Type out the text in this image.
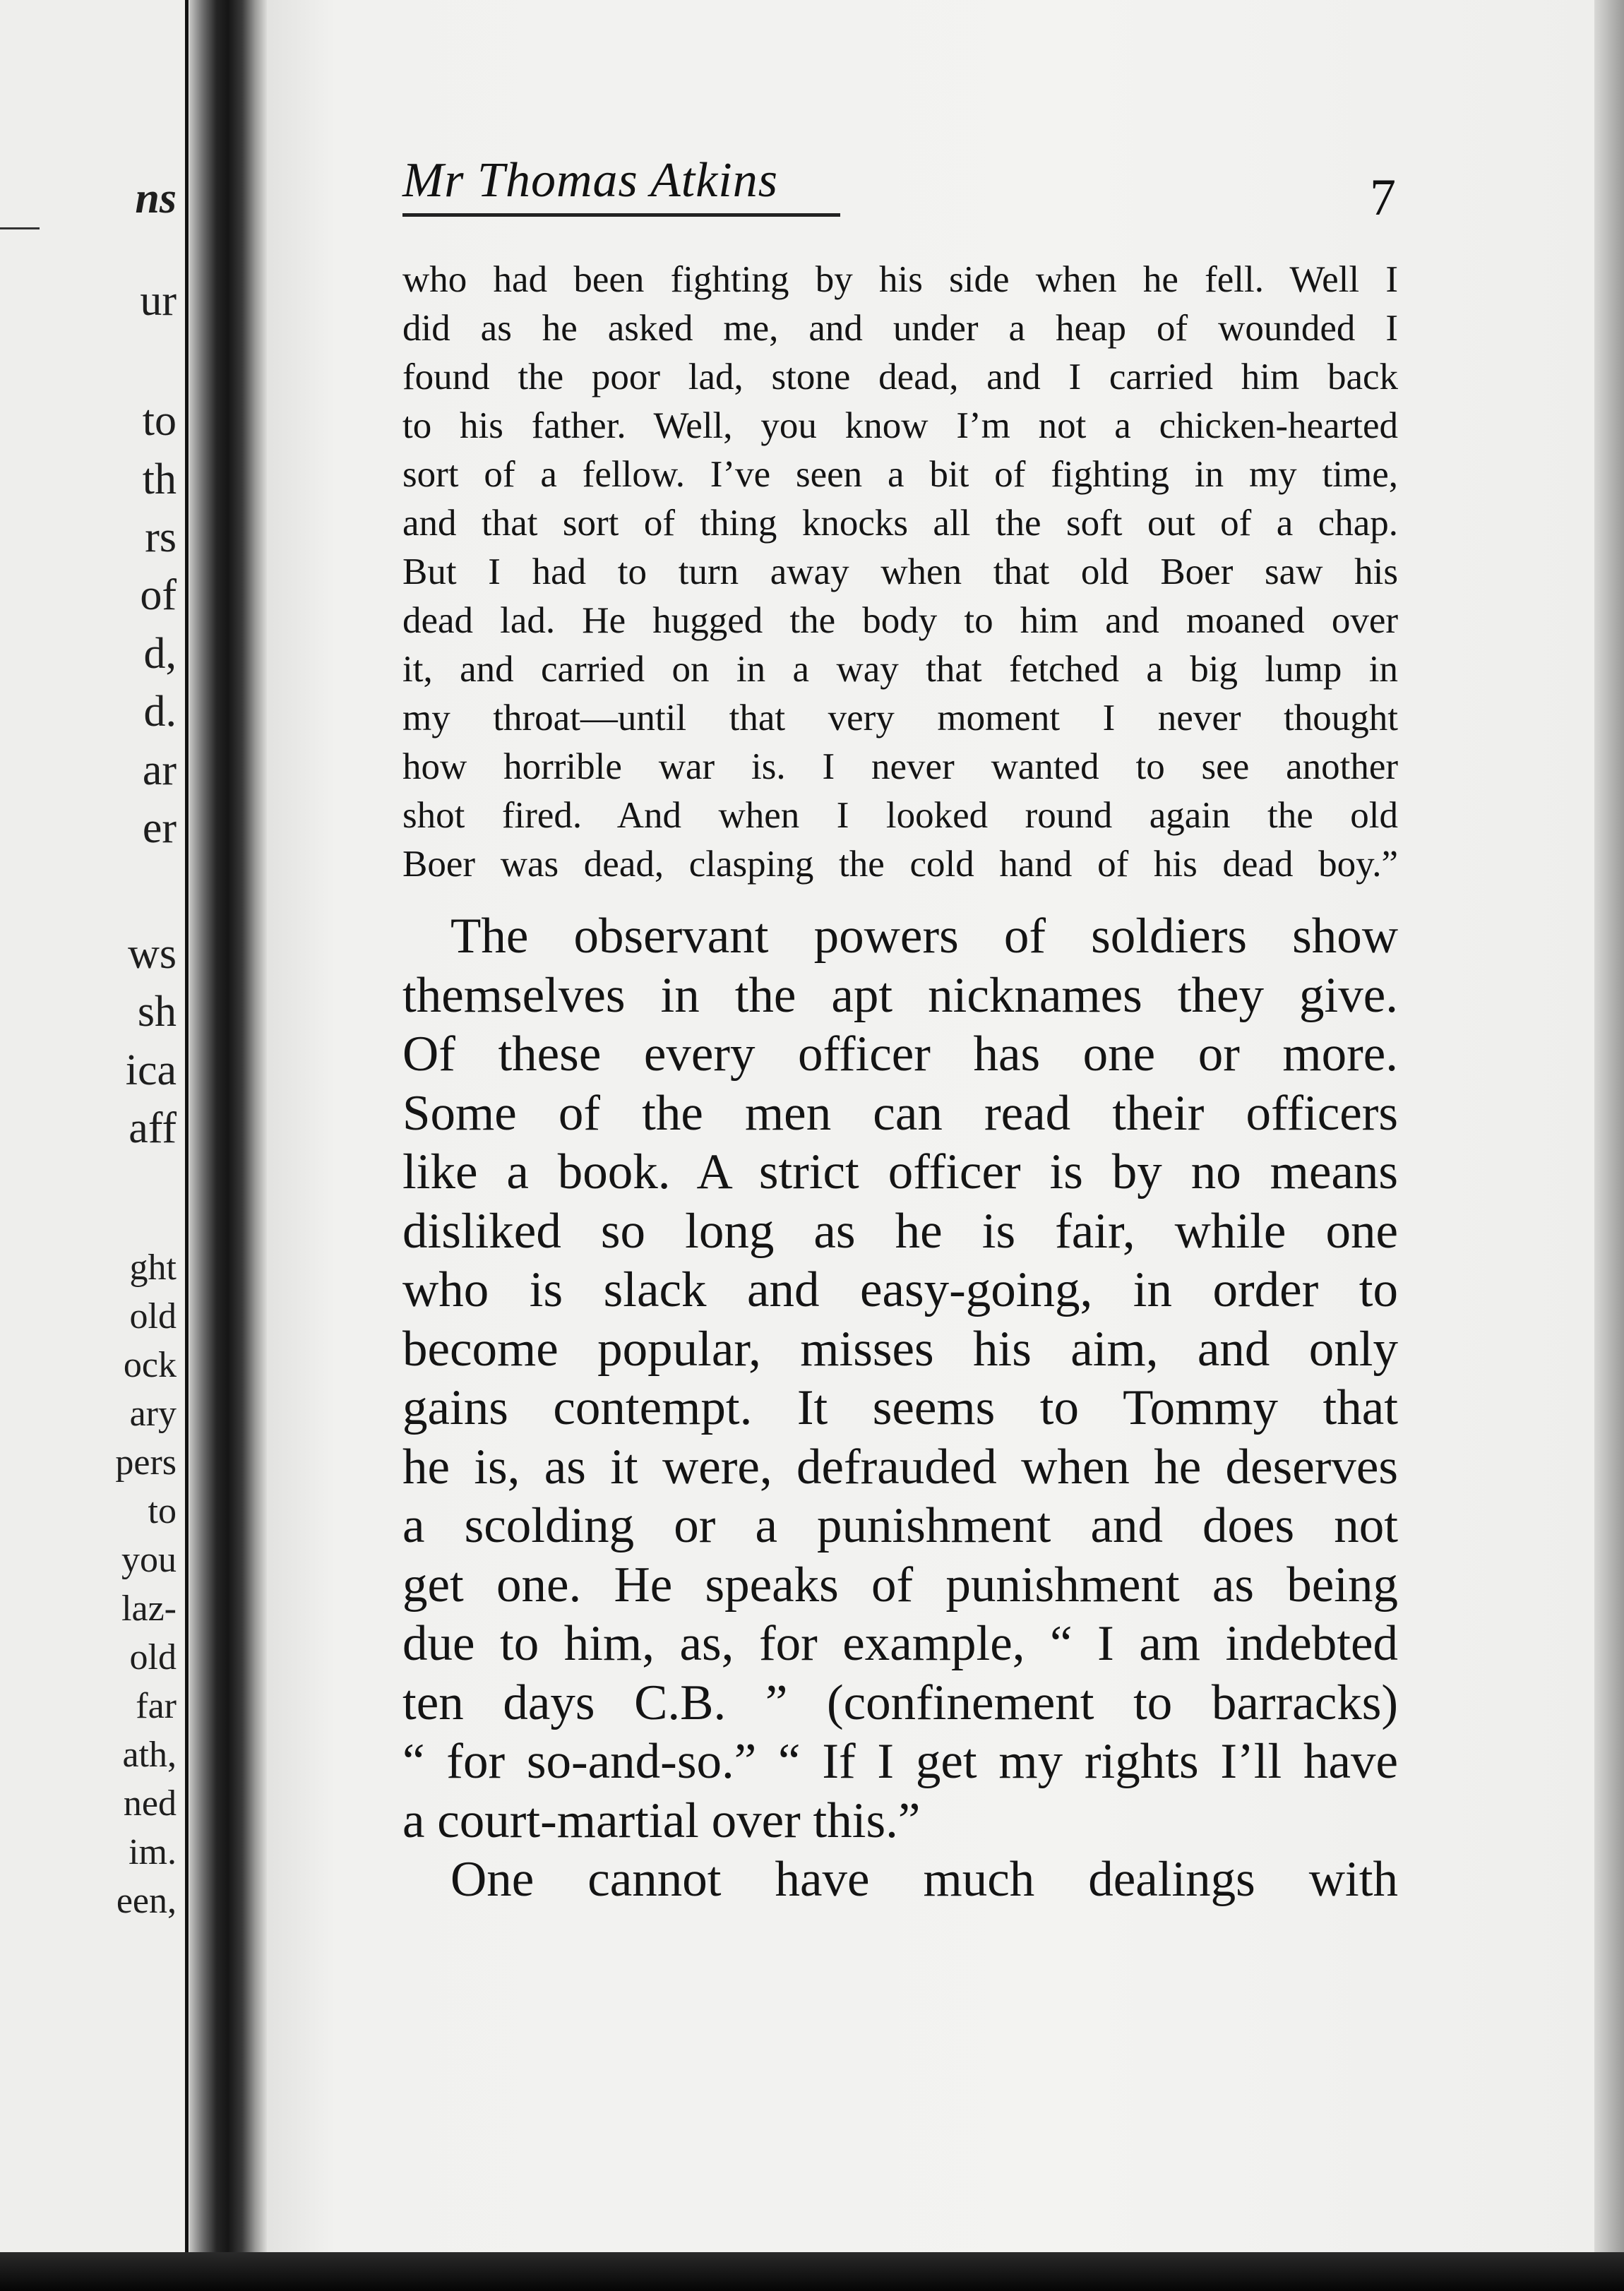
ns
ur
to
th
rs
of
d,
d.
ar
er
ws
sh
ica
aff
ght
old
ock
ary
pers
to
you
laz-
old
far
ath,
ned
im.
een,
Mr Thomas Atkins	7
who had been fighting by his side when he fell. Well I
did as he asked me, and under a heap of wounded I
found the poor lad, stone dead, and I carried him back
to his father. Well, you know I’m not a chicken-hearted
sort of a fellow. I’ve seen a bit of fighting in my time,
and that sort of thing knocks all the soft out of a chap.
But I had to turn away when that old Boer saw his
dead lad. He hugged the body to him and moaned over
it, and carried on in a way that fetched a big lump in
my throat—until that very moment I never thought
how horrible war is. I never wanted to see another
shot fired. And when I looked round again the old
Boer was dead, clasping the cold hand of his dead boy.”
The observant powers of soldiers show
themselves in the apt nicknames they give.
Of these every officer has one or more.
Some of the men can read their officers
like a book. A strict officer is by no means
disliked so long as he is fair, while one
who is slack and easy-going, in order to
become popular, misses his aim, and only
gains contempt. It seems to Tommy that
he is, as it were, defrauded when he deserves
a scolding or a punishment and does not
get one. He speaks of punishment as being
due to him, as, for example, “ I am indebted
ten days C.B. ” (confinement to barracks)
“ for so-and-so.” “ If I get my rights I’ll have
a court-martial over this.”
One cannot have much dealings with
